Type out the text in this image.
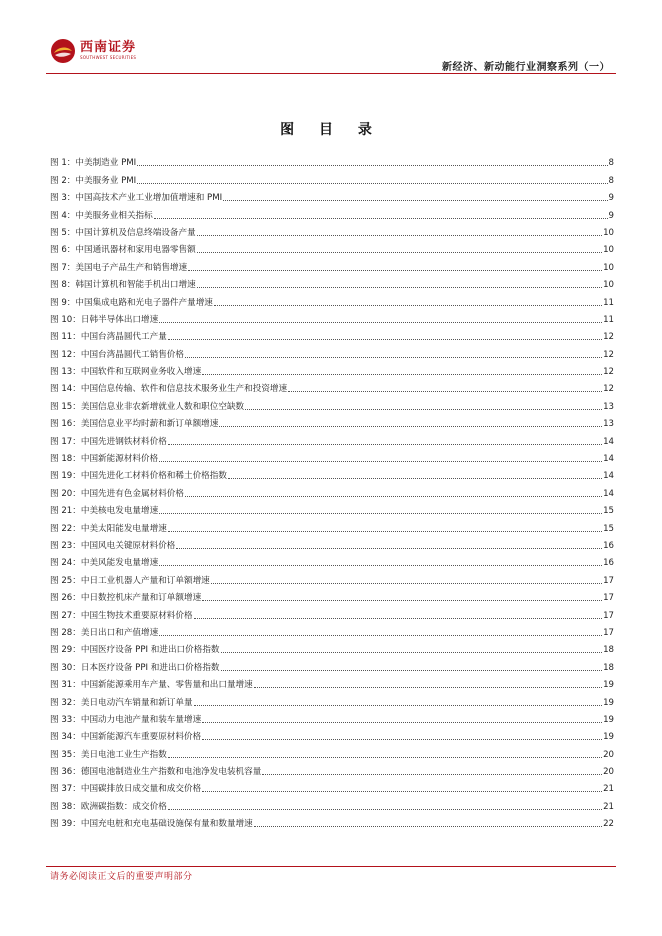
西南证券
SOUTHWEST SECURITIES
新经济、新动能行业洞察系列（一）
图 目 录
图 1：中美制造业 PMI	8
图 2：中美服务业 PMI	8
图 3：中国高技术产业工业增加值增速和 PMI	9
图 4：中美服务业相关指标	9
图 5：中国计算机及信息终端设备产量	10
图 6：中国通讯器材和家用电器零售额	10
图 7：美国电子产品生产和销售增速	10
图 8：韩国计算机和智能手机出口增速	10
图 9：中国集成电路和光电子器件产量增速	11
图 10：日韩半导体出口增速	11
图 11：中国台湾晶圆代工产量	12
图 12：中国台湾晶圆代工销售价格	12
图 13：中国软件和互联网业务收入增速	12
图 14：中国信息传输、软件和信息技术服务业生产和投资增速	12
图 15：美国信息业非农新增就业人数和职位空缺数	13
图 16：美国信息业平均时薪和新订单额增速	13
图 17：中国先进钢铁材料价格	14
图 18：中国新能源材料价格	14
图 19：中国先进化工材料价格和稀土价格指数	14
图 20：中国先进有色金属材料价格	14
图 21：中美核电发电量增速	15
图 22：中美太阳能发电量增速	15
图 23：中国风电关键原材料价格	16
图 24：中美风能发电量增速	16
图 25：中日工业机器人产量和订单额增速	17
图 26：中日数控机床产量和订单额增速	17
图 27：中国生物技术重要原材料价格	17
图 28：美日出口和产值增速	17
图 29：中国医疗设备 PPI 和进出口价格指数	18
图 30：日本医疗设备 PPI 和进出口价格指数	18
图 31：中国新能源乘用车产量、零售量和出口量增速	19
图 32：美日电动汽车销量和新订单量	19
图 33：中国动力电池产量和装车量增速	19
图 34：中国新能源汽车重要原材料价格	19
图 35：美日电池工业生产指数	20
图 36：德国电池制造业生产指数和电池净发电装机容量	20
图 37：中国碳排放日成交量和成交价格	21
图 38：欧洲碳指数：成交价格	21
图 39：中国充电桩和充电基础设施保有量和数量增速	22
请务必阅读正文后的重要声明部分
